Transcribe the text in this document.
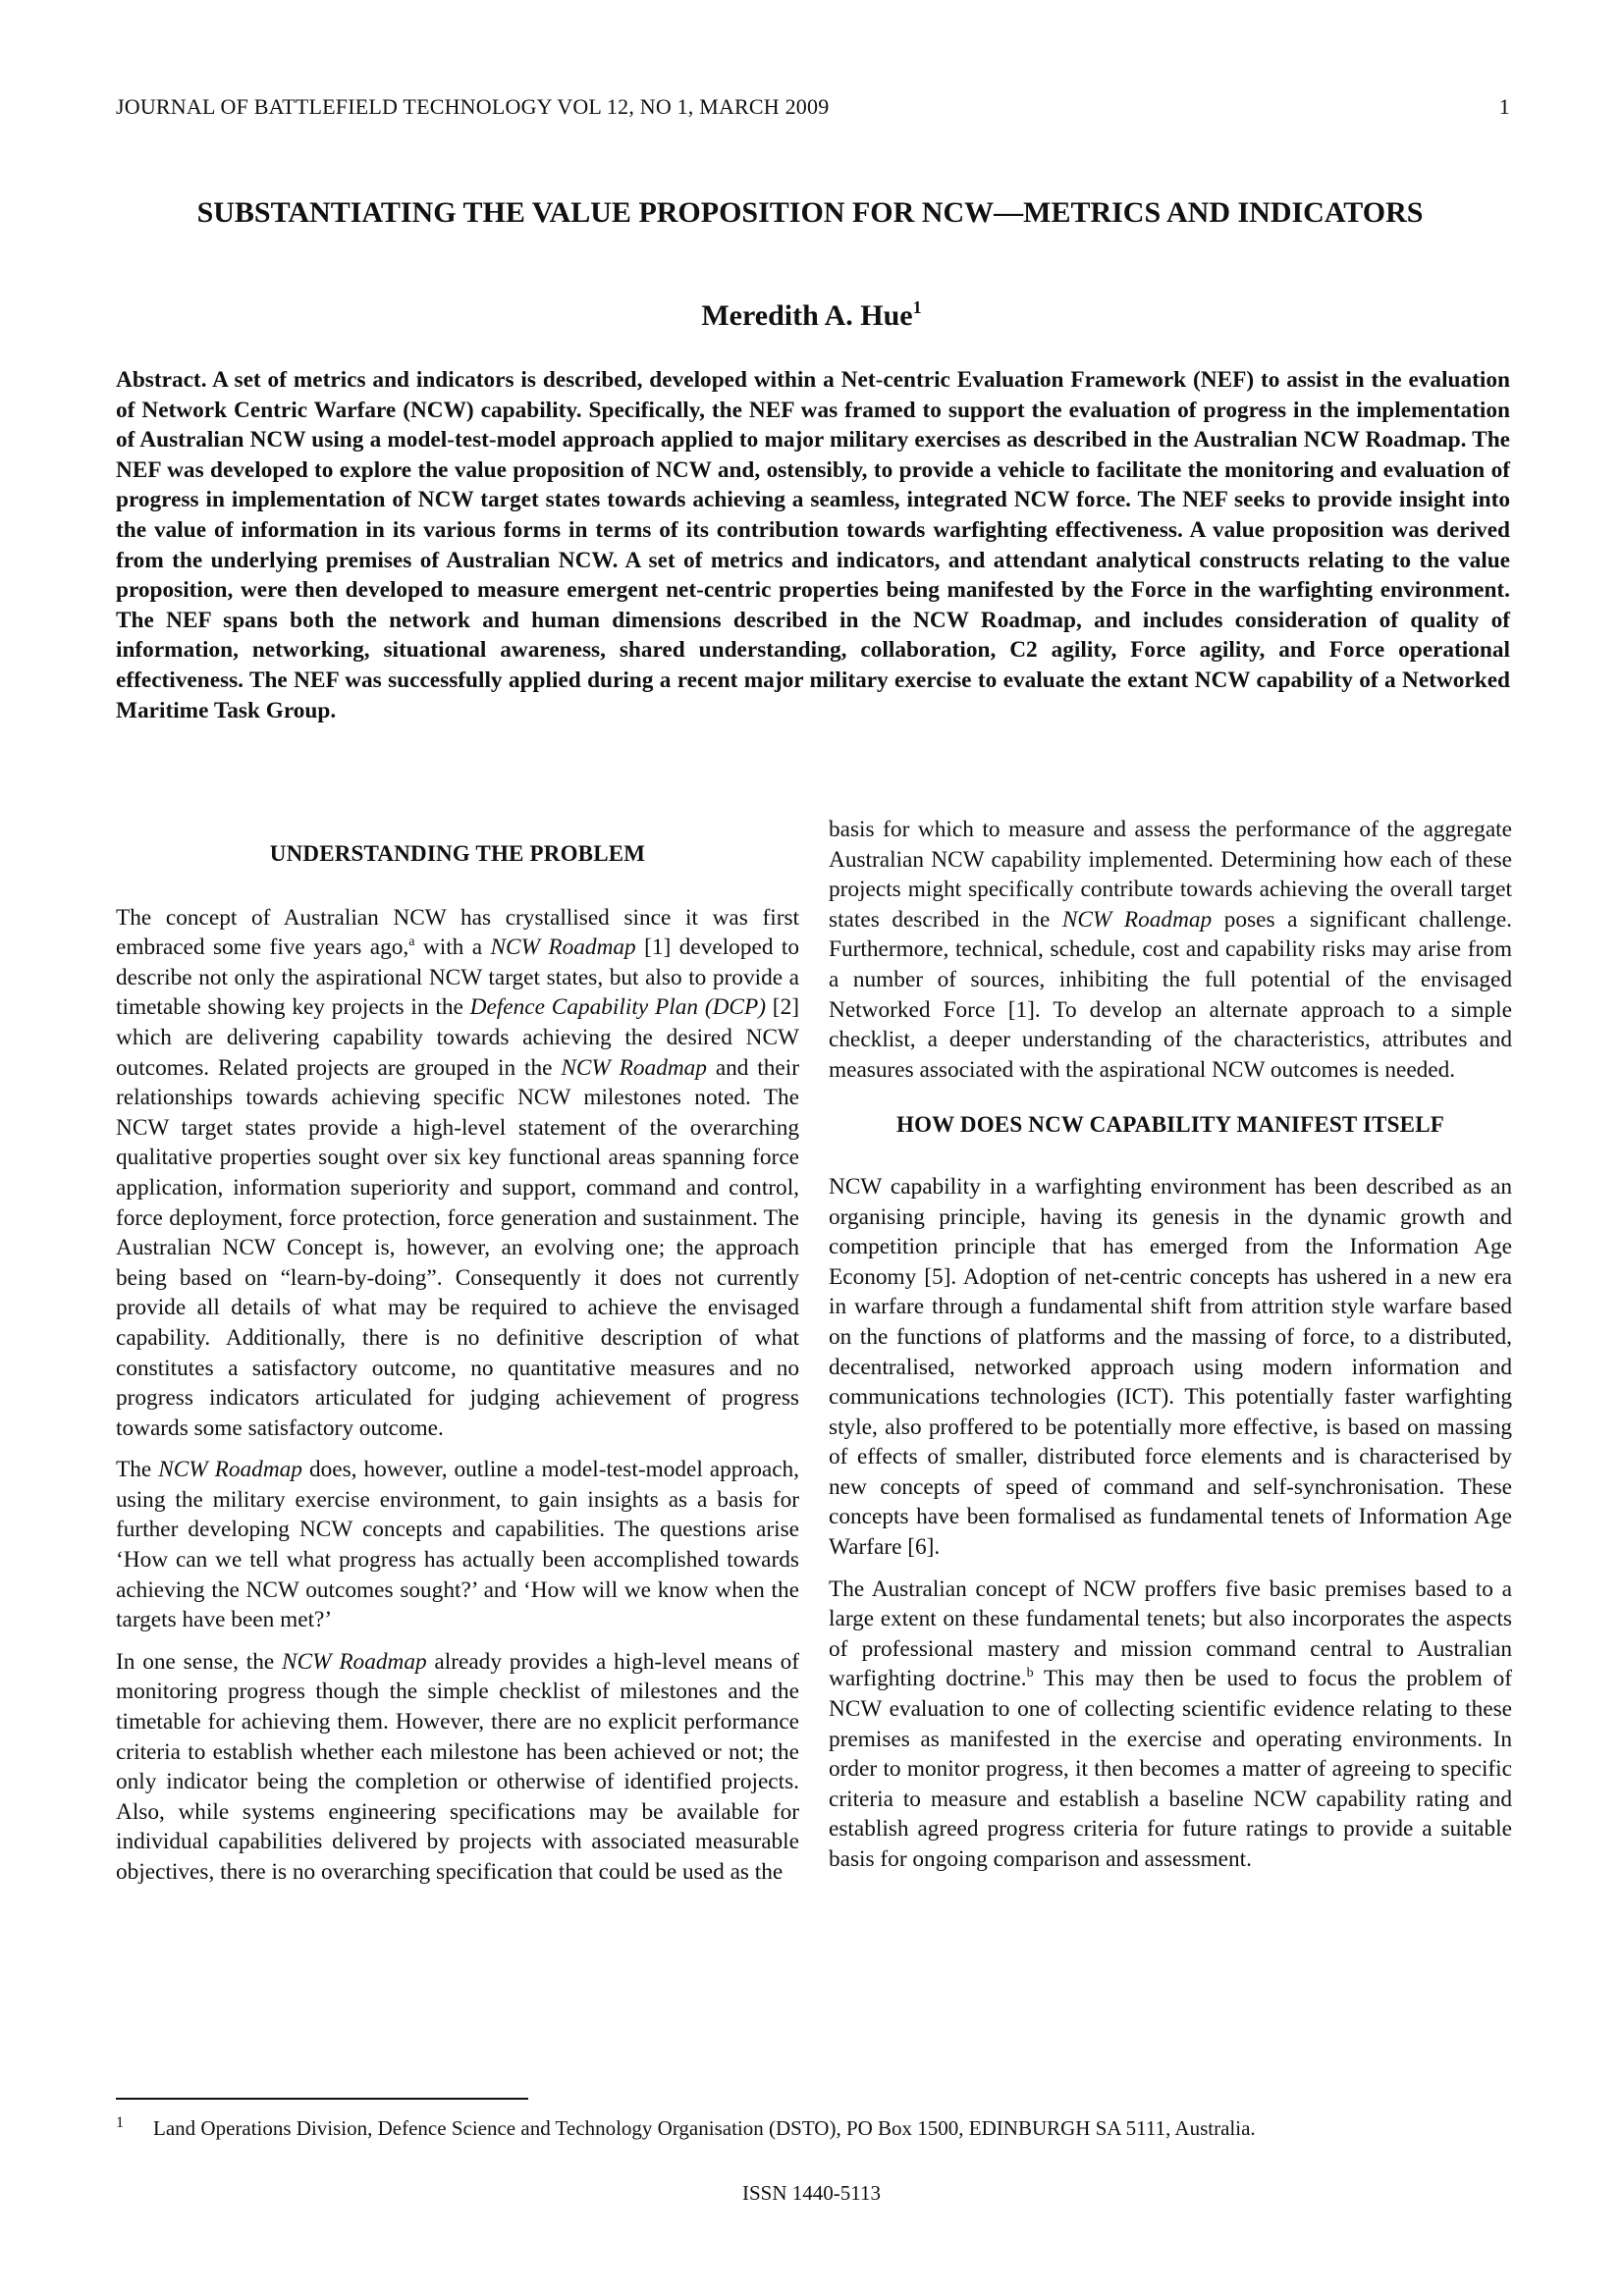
JOURNAL OF BATTLEFIELD TECHNOLOGY VOL 12, NO 1, MARCH 2009	1
SUBSTANTIATING THE VALUE PROPOSITION FOR NCW—METRICS AND INDICATORS
Meredith A. Hue$^1$

Abstract. A set of metrics and indicators is described, developed within a Net-centric Evaluation Framework (NEF) to assist in the evaluation of Network Centric Warfare (NCW) capability. Specifically, the NEF was framed to support the evaluation of progress in the implementation of Australian NCW using a model-test-model approach applied to major military exercises as described in the Australian NCW Roadmap. The NEF was developed to explore the value proposition of NCW and, ostensibly, to provide a vehicle to facilitate the monitoring and evaluation of progress in implementation of NCW target states towards achieving a seamless, integrated NCW force. The NEF seeks to provide insight into the value of information in its various forms in terms of its contribution towards warfighting effectiveness. A value proposition was derived from the underlying premises of Australian NCW. A set of metrics and indicators, and attendant analytical constructs relating to the value proposition, were then developed to measure emergent net-centric properties being manifested by the Force in the warfighting environment. The NEF spans both the network and human dimensions described in the NCW Roadmap, and includes consideration of quality of information, networking, situational awareness, shared understanding, collaboration, C2 agility, Force agility, and Force operational effectiveness. The NEF was successfully applied during a recent major military exercise to evaluate the extant NCW capability of a Networked Maritime Task Group.

UNDERSTANDING THE PROBLEM

The concept of Australian NCW has crystallised since it was first embraced some five years ago,$^a$ with a NCW Roadmap [1] developed to describe not only the aspirational NCW target states, but also to provide a timetable showing key projects in the Defence Capability Plan (DCP) [2] which are delivering capability towards achieving the desired NCW outcomes. Related projects are grouped in the NCW Roadmap and their relationships towards achieving specific NCW milestones noted. The NCW target states provide a high-level statement of the overarching qualitative properties sought over six key functional areas spanning force application, information superiority and support, command and control, force deployment, force protection, force generation and sustainment. The Australian NCW Concept is, however, an evolving one; the approach being based on “learn-by-doing”. Consequently it does not currently provide all details of what may be required to achieve the envisaged capability. Additionally, there is no definitive description of what constitutes a satisfactory outcome, no quantitative measures and no progress indicators articulated for judging achievement of progress towards some satisfactory outcome.

The NCW Roadmap does, however, outline a model-test-model approach, using the military exercise environment, to gain insights as a basis for further developing NCW concepts and capabilities. The questions arise ‘How can we tell what progress has actually been accomplished towards achieving the NCW outcomes sought?’ and ‘How will we know when the targets have been met?’

In one sense, the NCW Roadmap already provides a high-level means of monitoring progress though the simple checklist of milestones and the timetable for achieving them. However, there are no explicit performance criteria to establish whether each milestone has been achieved or not; the only indicator being the completion or otherwise of identified projects. Also, while systems engineering specifications may be available for individual capabilities delivered by projects with associated measurable objectives, there is no overarching specification that could be used as the

basis for which to measure and assess the performance of the aggregate Australian NCW capability implemented. Determining how each of these projects might specifically contribute towards achieving the overall target states described in the NCW Roadmap poses a significant challenge. Furthermore, technical, schedule, cost and capability risks may arise from a number of sources, inhibiting the full potential of the envisaged Networked Force [1]. To develop an alternate approach to a simple checklist, a deeper understanding of the characteristics, attributes and measures associated with the aspirational NCW outcomes is needed.

HOW DOES NCW CAPABILITY MANIFEST ITSELF

NCW capability in a warfighting environment has been described as an organising principle, having its genesis in the dynamic growth and competition principle that has emerged from the Information Age Economy [5]. Adoption of net-centric concepts has ushered in a new era in warfare through a fundamental shift from attrition style warfare based on the functions of platforms and the massing of force, to a distributed, decentralised, networked approach using modern information and communications technologies (ICT). This potentially faster warfighting style, also proffered to be potentially more effective, is based on massing of effects of smaller, distributed force elements and is characterised by new concepts of speed of command and self-synchronisation. These concepts have been formalised as fundamental tenets of Information Age Warfare [6].

The Australian concept of NCW proffers five basic premises based to a large extent on these fundamental tenets; but also incorporates the aspects of professional mastery and mission command central to Australian warfighting doctrine.$^b$ This may then be used to focus the problem of NCW evaluation to one of collecting scientific evidence relating to these premises as manifested in the exercise and operating environments. In order to monitor progress, it then becomes a matter of agreeing to specific criteria to measure and establish a baseline NCW capability rating and establish agreed progress criteria for future ratings to provide a suitable basis for ongoing comparison and assessment.

1 Land Operations Division, Defence Science and Technology Organisation (DSTO), PO Box 1500, EDINBURGH SA 5111, Australia.
ISSN 1440-5113
